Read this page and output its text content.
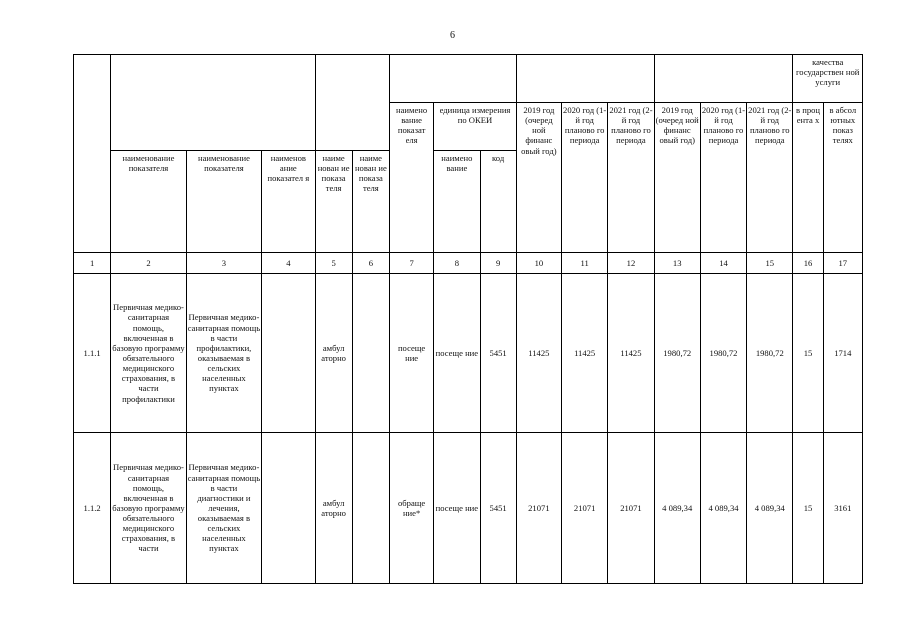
6
															качества государствен ной услуги	
						наимено вание показат еля	единица измерения по ОКЕИ		2019 год (очеред ной финанс овый год)	2020 год (1-й год планово го периода	2021 год (2-й год планово го периода	2019 год (очеред ной финанс овый год)	2020 год (1-й год планово го периода	2021 год (2-й год планово го периода	в проц ента х	в абсол ютных показ телях
	наименование показателя	наименование показателя	наименов ание показател я	наиме нован ие показа теля	наиме нован ие показа теля		наимено вание	код								

1	2	3	4	5	6	7	8	9	10	11	12	13	14	15	16	17
1.1.1	Первичная медико-санитарная помощь, включенная в базовую программу обязательного медицинского страхования, в части профилактики	Первичная медико-санитарная помощь в части профилактики, оказываемая в сельских населенных пунктах		амбул аторно		посеще ние	посеще ние	5451	11425	11425	11425	1980,72	1980,72	1980,72	15	1714
1.1.2	Первичная медико-санитарная помощь, включенная в базовую программу обязательного медицинского страхования, в части	Первичная медико-санитарная помощь в части диагностики и лечения, оказываемая в сельских населенных пунктах		амбул аторно		обраще ние*	посеще ние	5451	21071	21071	21071	4 089,34	4 089,34	4 089,34	15	3161
